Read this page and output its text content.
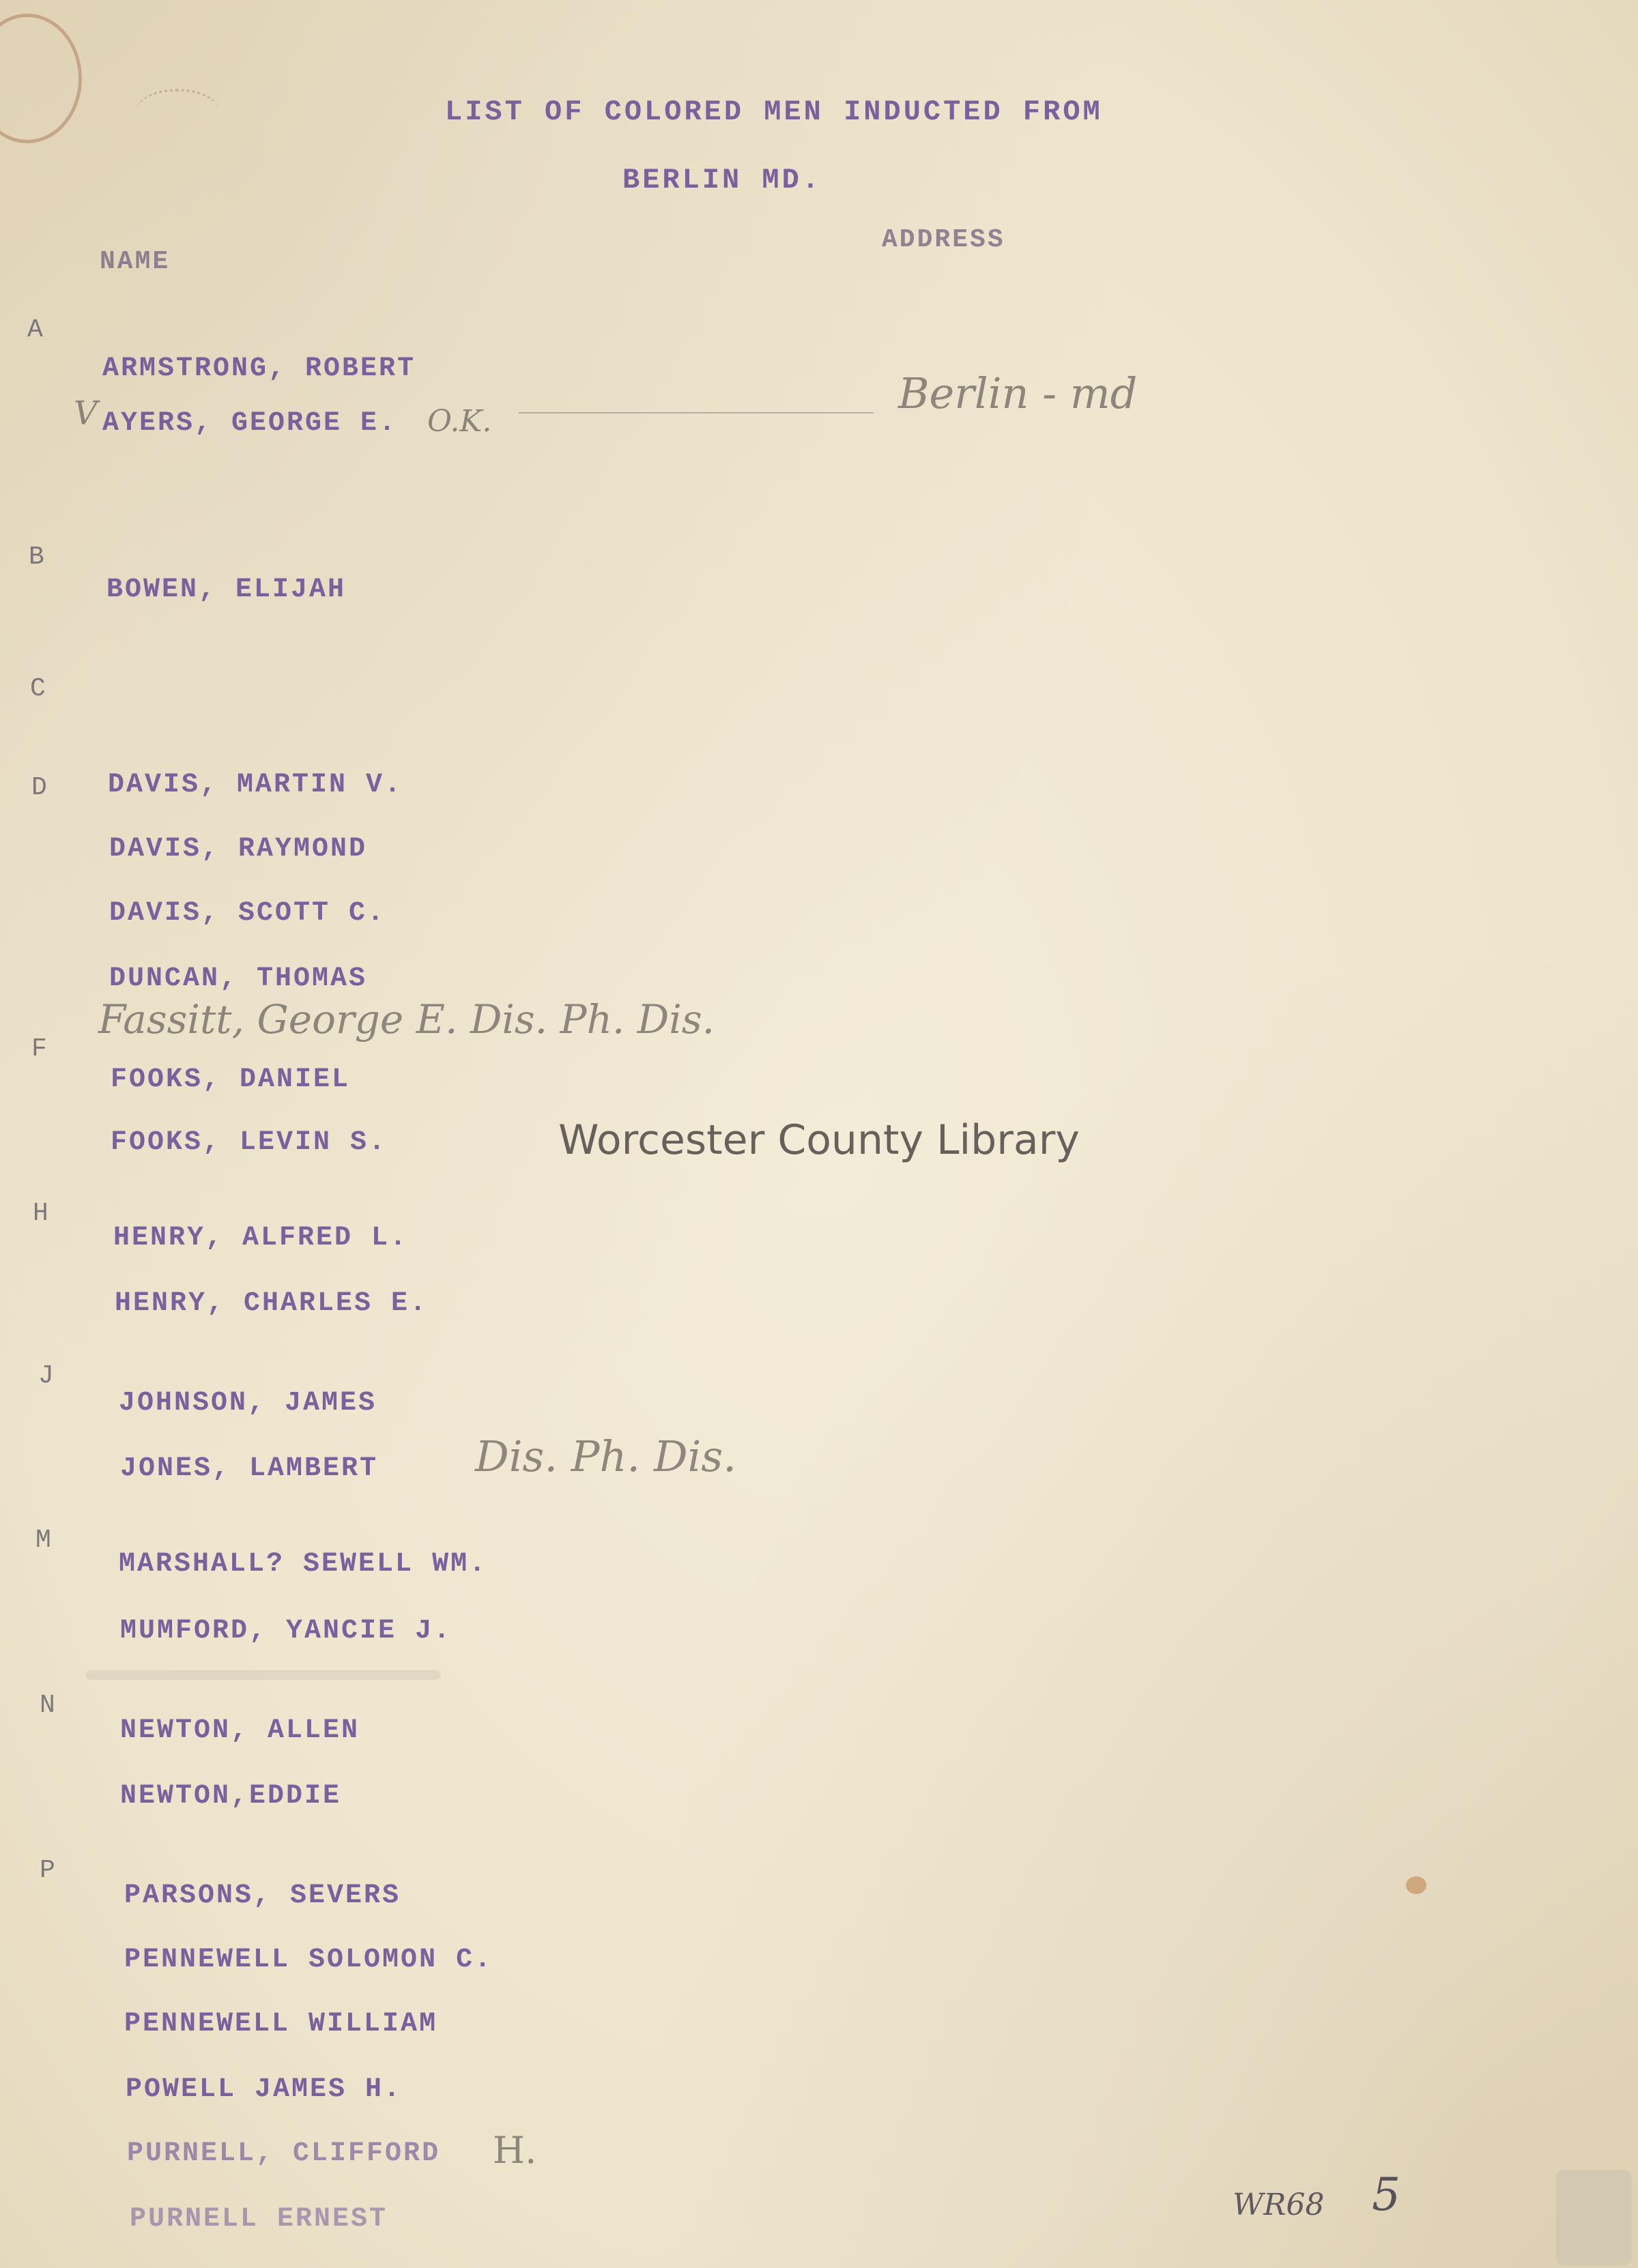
LIST OF COLORED MEN INDUCTED FROM
BERLIN MD.
NAME
ADDRESS
A
B
C
D
F
H
J
M
N
P
ARMSTRONG, ROBERT
AYERS, GEORGE E.
BOWEN, ELIJAH
DAVIS, MARTIN V.
DAVIS, RAYMOND
DAVIS, SCOTT C.
DUNCAN, THOMAS
FOOKS, DANIEL
FOOKS, LEVIN S.
HENRY, ALFRED L.
HENRY, CHARLES E.
JOHNSON, JAMES
JONES, LAMBERT
MARSHALL? SEWELL WM.
MUMFORD, YANCIE J.
NEWTON, ALLEN
NEWTON,EDDIE
PARSONS, SEVERS
PENNEWELL SOLOMON C.
PENNEWELL WILLIAM
POWELL JAMES H.
PURNELL, CLIFFORD
PURNELL ERNEST
V	O.K.
Berlin - md
Fassitt, George E. Dis. Ph. Dis.
Dis. Ph. Dis.
H.
Worcester County Library
WR68 5
